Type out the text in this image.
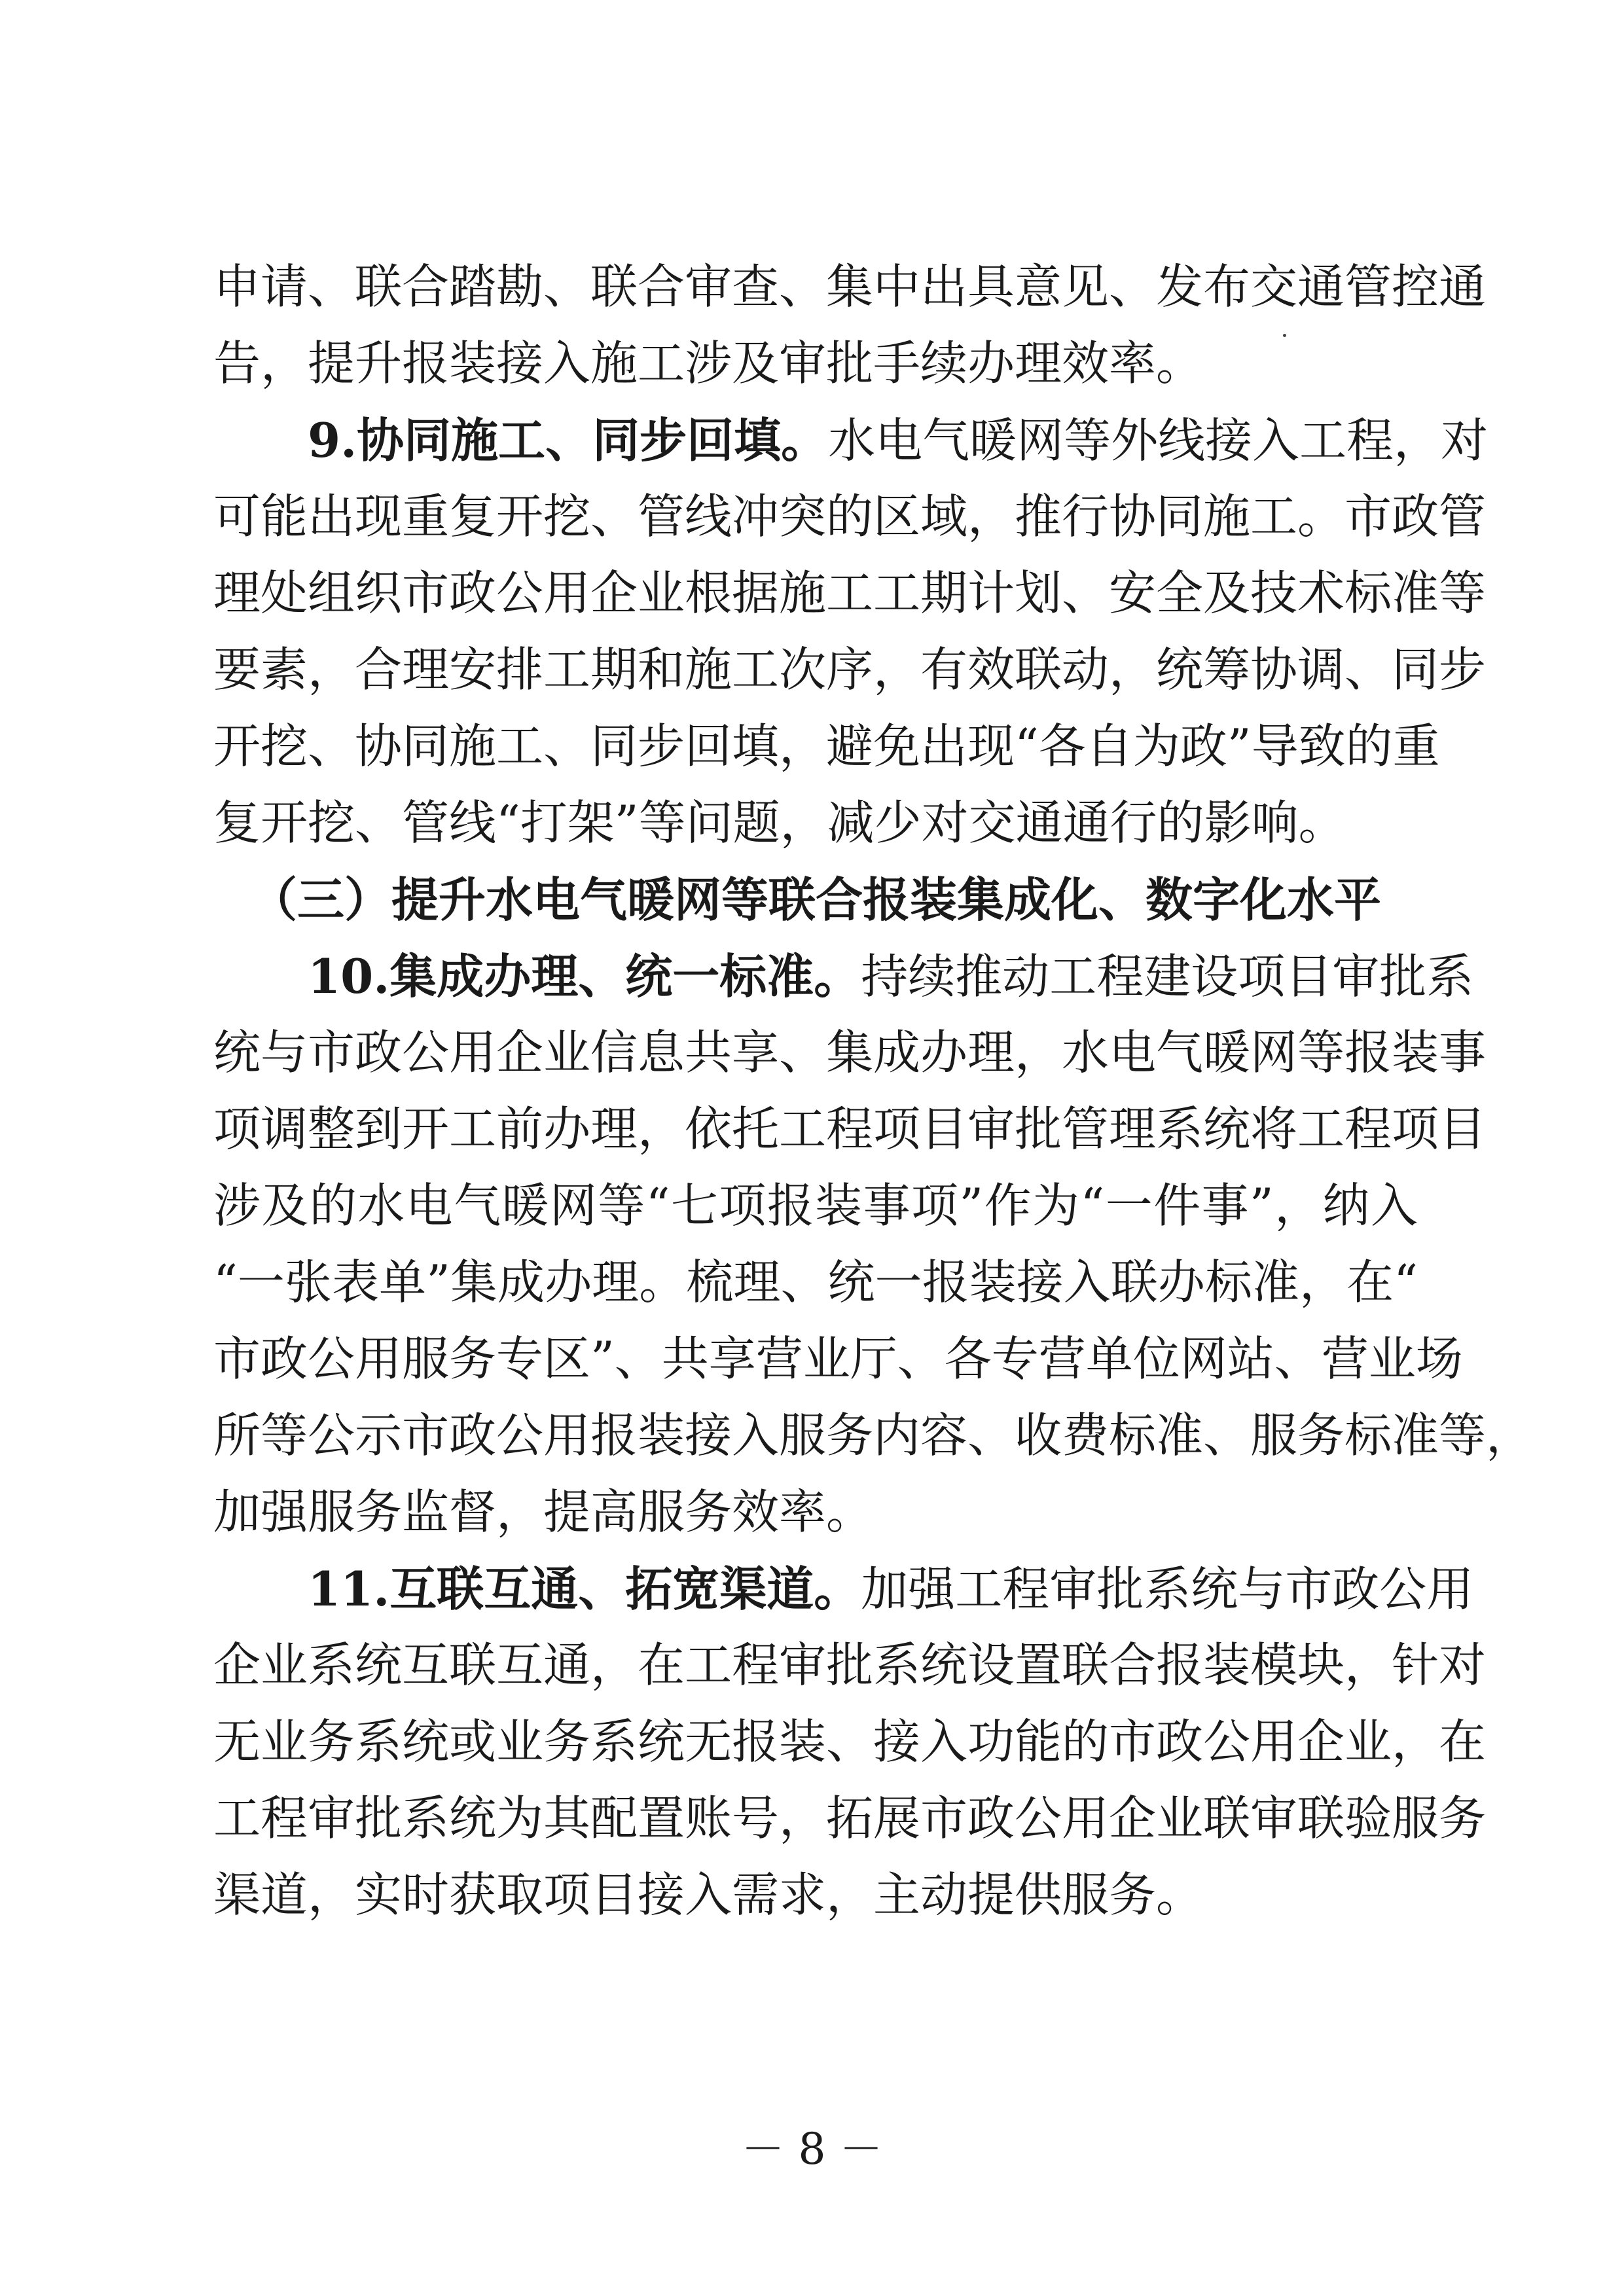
申请、联合踏勘、联合审查、集中出具意见、发布交通管控通
告，提升报装接入施工涉及审批手续办理效率。
9.协同施工、同步回填。水电气暖网等外线接入工程，对
可能出现重复开挖、管线冲突的区域，推行协同施工。市政管
理处组织市政公用企业根据施工工期计划、安全及技术标准等
要素，合理安排工期和施工次序，有效联动，统筹协调、同步
开挖、协同施工、同步回填，避免出现“各自为政”导致的重
复开挖、管线“打架”等问题，减少对交通通行的影响。
（三）提升水电气暖网等联合报装集成化、数字化水平
10.集成办理、统一标准。持续推动工程建设项目审批系
统与市政公用企业信息共享、集成办理，水电气暖网等报装事
项调整到开工前办理，依托工程项目审批管理系统将工程项目
涉及的水电气暖网等“七项报装事项”作为“一件事”，纳入
“一张表单”集成办理。梳理、统一报装接入联办标准，在“
市政公用服务专区”、共享营业厅、各专营单位网站、营业场
所等公示市政公用报装接入服务内容、收费标准、服务标准等，
加强服务监督，提高服务效率。
11.互联互通、拓宽渠道。加强工程审批系统与市政公用
企业系统互联互通，在工程审批系统设置联合报装模块，针对
无业务系统或业务系统无报装、接入功能的市政公用企业，在
工程审批系统为其配置账号，拓展市政公用企业联审联验服务
渠道，实时获取项目接入需求，主动提供服务。
－ 8 －
